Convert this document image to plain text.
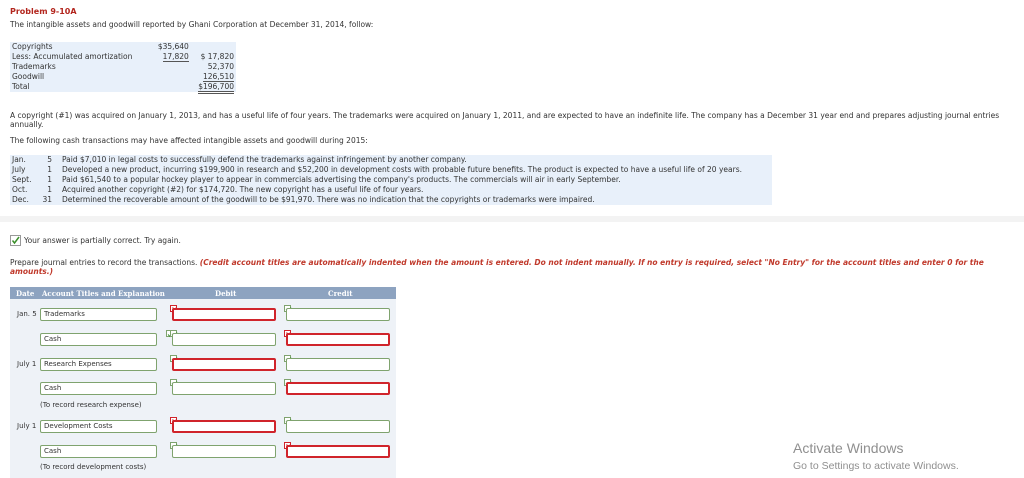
Problem 9-10A
The intangible assets and goodwill reported by Ghani Corporation at December 31, 2014, follow:
Copyrights	$35,640	
Less: Accumulated amortization	17,820	$ 17,820
Trademarks		52,370
Goodwill		126,510
Total		$196,700
A copyright (#1) was acquired on January 1, 2013, and has a useful life of four years. The trademarks were acquired on January 1, 2011, and are expected to have an indefinite life. The company has a December 31 year end and prepares adjusting journal entries annually.
The following cash transactions may have affected intangible assets and goodwill during 2015:
Jan.	5	Paid $7,010 in legal costs to successfully defend the trademarks against infringement by another company.
July	1	Developed a new product, incurring $199,900 in research and $52,200 in development costs with probable future benefits. The product is expected to have a useful life of 20 years.
Sept.	1	Paid $61,540 to a popular hockey player to appear in commercials advertising the company's products. The commercials will air in early September.
Oct.	1	Acquired another copyright (#2) for $174,720. The new copyright has a useful life of four years.
Dec.	31	Determined the recoverable amount of the goodwill to be $91,970. There was no indication that the copyrights or trademarks were impaired.
Your answer is partially correct. Try again.
Prepare journal entries to record the transactions. (Credit account titles are automatically indented when the amount is entered. Do not indent manually. If no entry is required, select "No Entry" for the account titles and enter 0 for the amounts.)
Date Account Titles and Explanation	Debit	Credit
Jan. 5	Trademarks
Cash
July 1	Research Expenses
Cash
(To record research expense)
July 1	Development Costs
Cash
(To record development costs)
Activate Windows
Go to Settings to activate Windows.
